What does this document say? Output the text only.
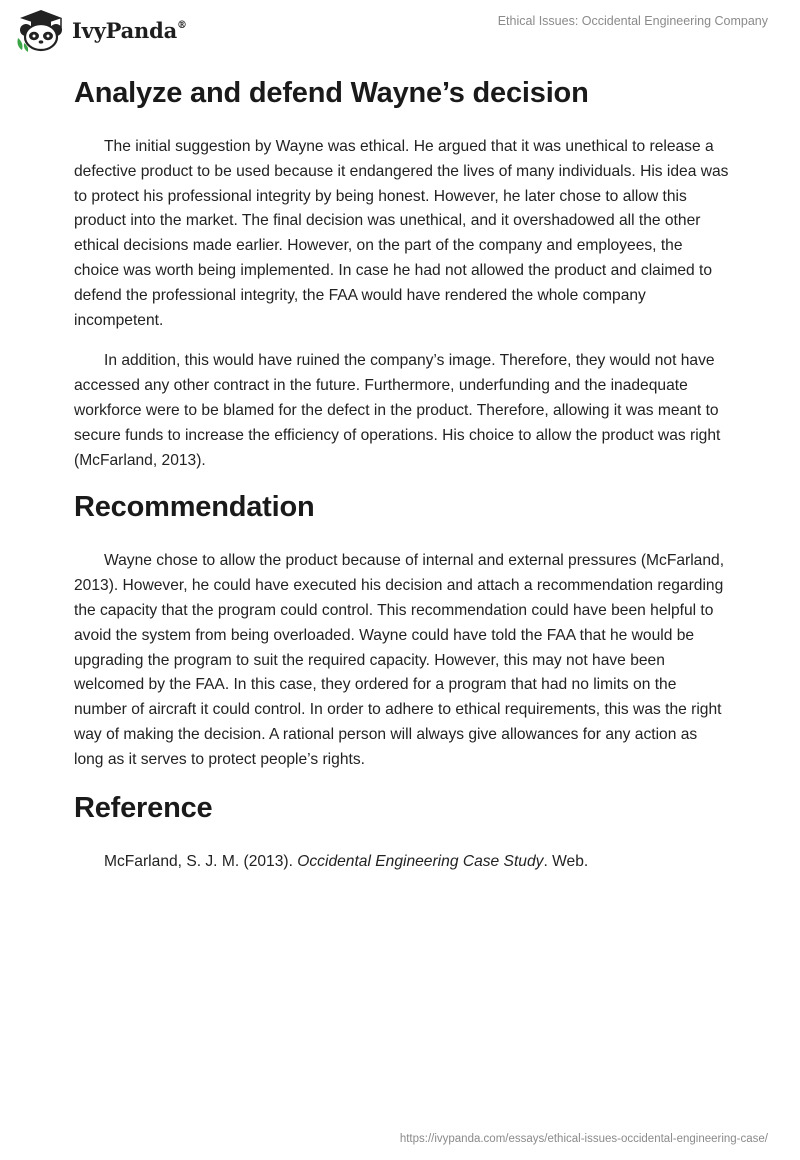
IvyPanda®	Ethical Issues: Occidental Engineering Company
Analyze and defend Wayne’s decision

The initial suggestion by Wayne was ethical. He argued that it was unethical to release a defective product to be used because it endangered the lives of many individuals. His idea was to protect his professional integrity by being honest. However, he later chose to allow this product into the market. The final decision was unethical, and it overshadowed all the other ethical decisions made earlier. However, on the part of the company and employees, the choice was worth being implemented. In case he had not allowed the product and claimed to defend the professional integrity, the FAA would have rendered the whole company incompetent.

In addition, this would have ruined the company’s image. Therefore, they would not have accessed any other contract in the future. Furthermore, underfunding and the inadequate workforce were to be blamed for the defect in the product. Therefore, allowing it was meant to secure funds to increase the efficiency of operations. His choice to allow the product was right (McFarland, 2013).

Recommendation

Wayne chose to allow the product because of internal and external pressures (McFarland, 2013). However, he could have executed his decision and attach a recommendation regarding the capacity that the program could control. This recommendation could have been helpful to avoid the system from being overloaded. Wayne could have told the FAA that he would be upgrading the program to suit the required capacity. However, this may not have been welcomed by the FAA. In this case, they ordered for a program that had no limits on the number of aircraft it could control. In order to adhere to ethical requirements, this was the right way of making the decision. A rational person will always give allowances for any action as long as it serves to protect people’s rights.

Reference

McFarland, S. J. M. (2013). Occidental Engineering Case Study. Web.

https://ivypanda.com/essays/ethical-issues-occidental-engineering-case/
